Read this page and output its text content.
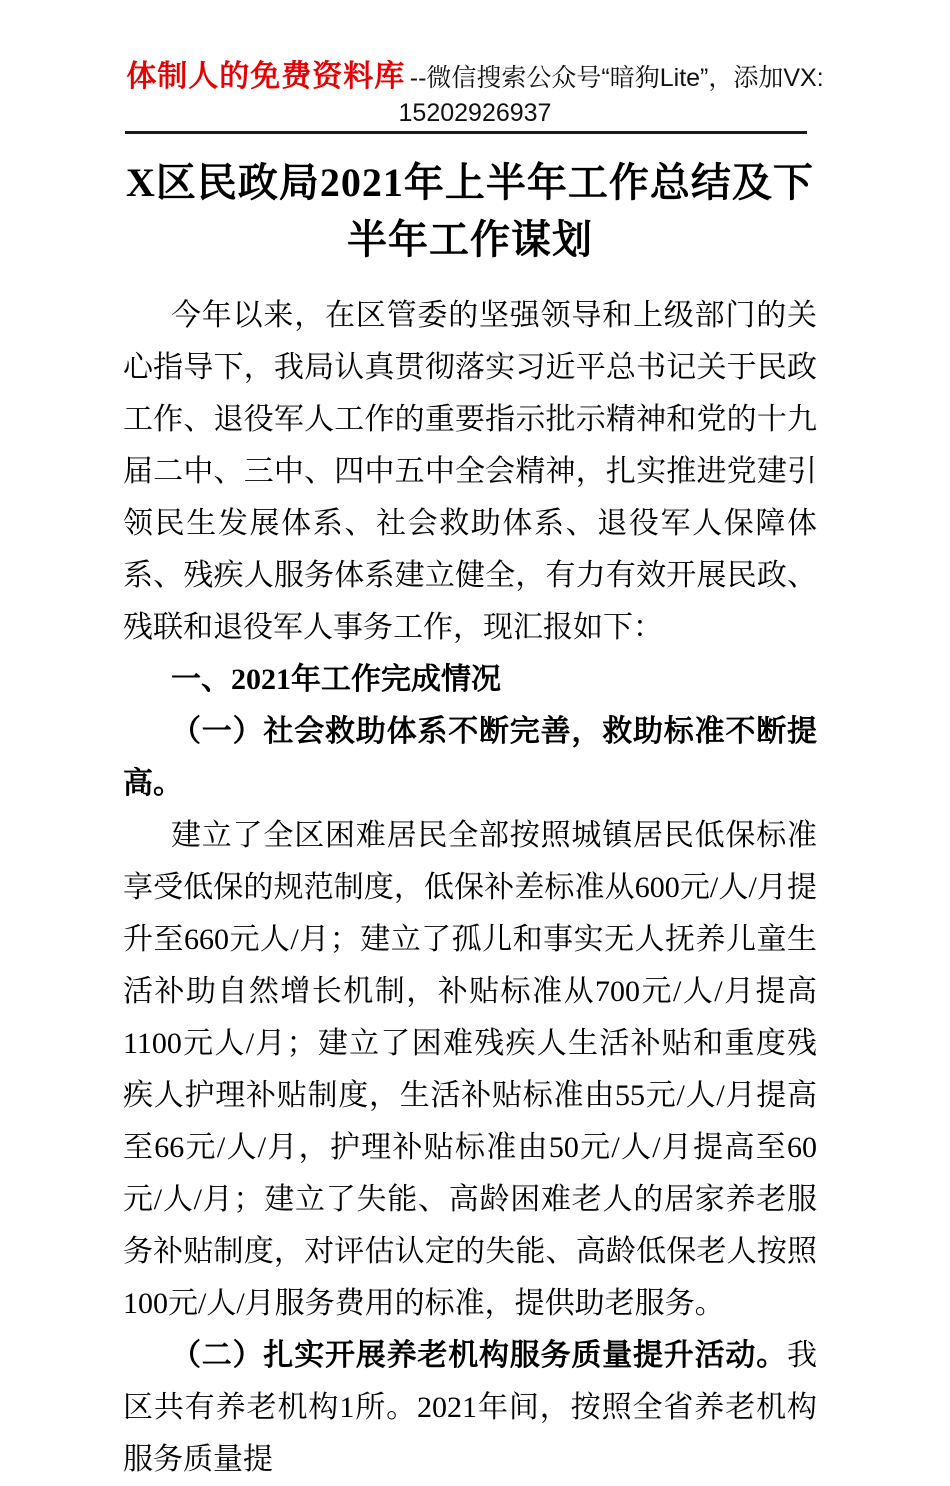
体制人的免费资料库 --微信搜索公众号“暗狗Lite”，添加VX:
15202926937
X区民政局2021年上半年工作总结及下半年工作谋划

今年以来，在区管委的坚强领导和上级部门的关心指导下，我局认真贯彻落实习近平总书记关于民政工作、退役军人工作的重要指示批示精神和党的十九届二中、三中、四中五中全会精神，扎实推进党建引领民生发展体系、社会救助体系、退役军人保障体系、残疾人服务体系建立健全，有力有效开展民政、残联和退役军人事务工作，现汇报如下：

一、2021年工作完成情况

（一）社会救助体系不断完善，救助标准不断提高。

建立了全区困难居民全部按照城镇居民低保标准享受低保的规范制度，低保补差标准从600元/人/月提升至660元人/月；建立了孤儿和事实无人抚养儿童生活补助自然增长机制，补贴标准从700元/人/月提高1100元人/月；建立了困难残疾人生活补贴和重度残疾人护理补贴制度，生活补贴标准由55元/人/月提高至66元/人/月，护理补贴标准由50元/人/月提高至60元/人/月；建立了失能、高龄困难老人的居家养老服务补贴制度，对评估认定的失能、高龄低保老人按照100元/人/月服务费用的标准，提供助老服务。

（二）扎实开展养老机构服务质量提升活动。我区共有养老机构1所。2021年间，按照全省养老机构服务质量提
